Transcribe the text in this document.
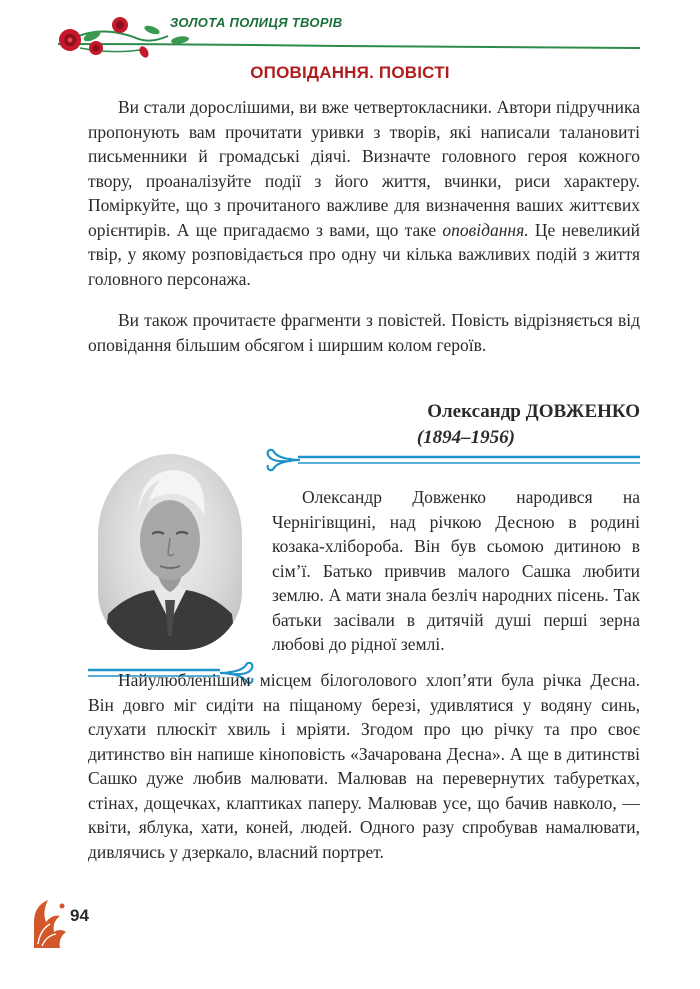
ЗОЛОТА ПОЛИЦЯ ТВОРІВ
ОПОВІДАННЯ. ПОВІСТІ
Ви стали дорослішими, ви вже четвертокласники. Автори підручника пропонують вам прочитати уривки з творів, які написали талановиті письменники й громадські діячі. Визначте головного героя кожного твору, проаналізуйте події з його життя, вчинки, риси характеру. Поміркуйте, що з прочитаного важливе для визначення ваших життєвих орієнтирів. А ще пригадаємо з вами, що таке оповідання. Це невеликий твір, у якому розповідається про одну чи кілька важливих подій з життя головного персонажа.
Ви також прочитаєте фрагменти з повістей. Повість відрізняється від оповідання більшим обсягом і ширшим колом героїв.
Олександр ДОВЖЕНКО
(1894–1956)
Олександр Довженко народився на Чернігівщині, над річкою Десною в родині козака-хлібороба. Він був сьомою дитиною в сім’ї. Батько привчив малого Сашка любити землю. А мати знала безліч народних пісень. Так батьки засівали в дитячій душі перші зерна любові до рідної землі.
Найулюбленішим місцем білоголового хлоп’яти була річка Десна. Він довго міг сидіти на піщаному березі, удивлятися у водяну синь, слухати плюскіт хвиль і мріяти. Згодом про цю річку та про своє дитинство він напише кіноповість «Зачарована Десна». А ще в дитинстві Сашко дуже любив малювати. Малював на перевернутих табуретках, стінах, дощечках, клаптиках паперу. Малював усе, що бачив навколо, — квіти, яблука, хати, коней, людей. Одного разу спробував намалювати, дивлячись у дзеркало, власний портрет.
94
